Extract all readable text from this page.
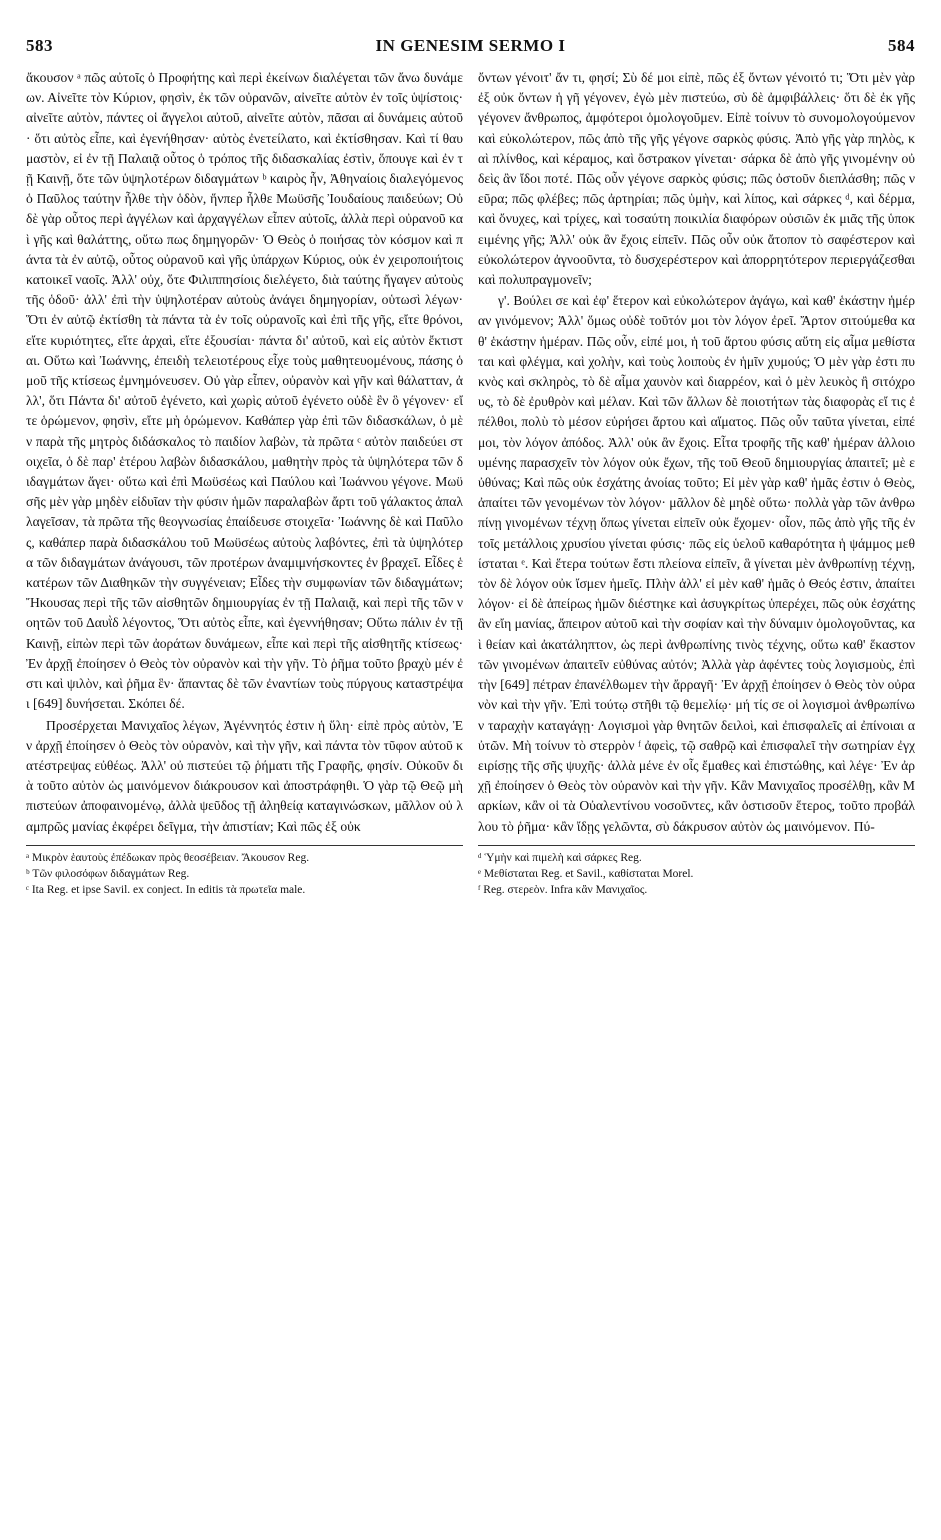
583	IN GENESIM SERMO I	584

ἄκουσον ᵃ πῶς αὐτοῖς ὁ Προφήτης καὶ περὶ ἐκείνων διαλέγεται τῶν ἄνω δυνάμεων. Αἰνεῖτε τὸν Κύριον, φησὶν, ἐκ τῶν οὐρανῶν, αἰνεῖτε αὐτὸν ἐν τοῖς ὑψίστοις· αἰνεῖτε αὐτὸν, πάντες οἱ ἄγγελοι αὐτοῦ, αἰνεῖτε αὐτὸν, πᾶσαι αἱ δυνάμεις αὐτοῦ· ὅτι αὐτὸς εἶπε, καὶ ἐγενήθησαν· αὐτὸς ἐνετείλατο, καὶ ἐκτίσθησαν. Καὶ τί θαυμαστὸν, εἰ ἐν τῇ Παλαιᾷ οὗτος ὁ τρόπος τῆς διδασκαλίας ἐστὶν, ὅπουγε καὶ ἐν τῇ Καινῇ, ὅτε τῶν ὑψηλοτέρων διδαγμάτων ᵇ καιρὸς ἦν, Ἀθηναίοις διαλεγόμενος ὁ Παῦλος ταύτην ἦλθε τὴν ὁδὸν, ἥνπερ ἦλθε Μωϋσῆς Ἰουδαίους παιδεύων; Οὐδὲ γὰρ οὗτος περὶ ἀγγέλων καὶ ἀρχαγγέλων εἶπεν αὐτοῖς, ἀλλὰ περὶ οὐρανοῦ καὶ γῆς καὶ θαλάττης, οὕτω πως δημηγορῶν· Ὁ Θεὸς ὁ ποιήσας τὸν κόσμον καὶ πάντα τὰ ἐν αὐτῷ, οὗτος οὐρανοῦ καὶ γῆς ὑπάρχων Κύριος, οὐκ ἐν χειροποιήτοις κατοικεῖ ναοῖς. Ἀλλ' οὐχ, ὅτε Φιλιππησίοις διελέγετο, διὰ ταύτης ἤγαγεν αὐτοὺς τῆς ὁδοῦ· ἀλλ' ἐπὶ τὴν ὑψηλοτέραν αὐτοὺς ἀνάγει δημηγορίαν, οὑτωσὶ λέγων· Ὅτι ἐν αὐτῷ ἐκτίσθη τὰ πάντα τὰ ἐν τοῖς οὐρανοῖς καὶ ἐπὶ τῆς γῆς, εἴτε θρόνοι, εἴτε κυριότητες, εἴτε ἀρχαὶ, εἴτε ἐξουσίαι· πάντα δι' αὐτοῦ, καὶ εἰς αὐτὸν ἔκτισται. Οὕτω καὶ Ἰωάννης, ἐπειδὴ τελειοτέρους εἶχε τοὺς μαθητευομένους, πάσης ὁμοῦ τῆς κτίσεως ἐμνημόνευσεν. Οὐ γὰρ εἶπεν, οὐρανὸν καὶ γῆν καὶ θάλατταν, ἀλλ', ὅτι Πάντα δι' αὐτοῦ ἐγένετο, καὶ χωρὶς αὐτοῦ ἐγένετο οὐδὲ ἓν ὃ γέγονεν· εἴτε ὁρώμενον, φησὶν, εἴτε μὴ ὁρώμενον. Καθάπερ γὰρ ἐπὶ τῶν διδασκάλων, ὁ μὲν παρὰ τῆς μητρὸς διδάσκαλος τὸ παιδίον λαβὼν, τὰ πρῶτα ᶜ αὐτὸν παιδεύει στοιχεῖα, ὁ δὲ παρ' ἑτέρου λαβὼν διδασκάλου, μαθητὴν πρὸς τὰ ὑψηλότερα τῶν διδαγμάτων ἄγει· οὕτω καὶ ἐπὶ Μωϋσέως καὶ Παύλου καὶ Ἰωάννου γέγονε. Μωϋσῆς μὲν γὰρ μηδὲν εἰδυῖαν τὴν φύσιν ἡμῶν παραλαβὼν ἄρτι τοῦ γάλακτος ἀπαλλαγεῖσαν, τὰ πρῶτα τῆς θεογνωσίας ἐπαίδευσε στοιχεῖα· Ἰωάννης δὲ καὶ Παῦλος, καθάπερ παρὰ διδασκάλου τοῦ Μωϋσέως αὐτοὺς λαβόντες, ἐπὶ τὰ ὑψηλότερα τῶν διδαγμάτων ἀνάγουσι, τῶν προτέρων ἀναμιμνήσκοντες ἐν βραχεῖ. Εἶδες ἑκατέρων τῶν Διαθηκῶν τὴν συγγένειαν; Εἶδες τὴν συμφωνίαν τῶν διδαγμάτων; Ἤκουσας περὶ τῆς τῶν αἰσθητῶν δημιουργίας ἐν τῇ Παλαιᾷ, καὶ περὶ τῆς τῶν νοητῶν τοῦ Δαυῒδ λέγοντος, Ὅτι αὐτὸς εἶπε, καὶ ἐγεννήθησαν; Οὕτω πάλιν ἐν τῇ Καινῇ, εἰπὼν περὶ τῶν ἀοράτων δυνάμεων, εἶπε καὶ περὶ τῆς αἰσθητῆς κτίσεως· Ἐν ἀρχῇ ἐποίησεν ὁ Θεὸς τὸν οὐρανὸν καὶ τὴν γῆν. Τὸ ῥῆμα τοῦτο βραχὺ μέν ἐστι καὶ ψιλὸν, καὶ ῥῆμα ἓν· ἅπαντας δὲ τῶν ἐναντίων τοὺς πύργους καταστρέψαι [649] δυνήσεται. Σκόπει δέ.

Προσέρχεται Μανιχαῖος λέγων, Ἀγέννητός ἐστιν ἡ ὕλη· εἰπὲ πρὸς αὐτὸν, Ἐν ἀρχῇ ἐποίησεν ὁ Θεὸς τὸν οὐρανὸν, καὶ τὴν γῆν, καὶ πάντα τὸν τῦφον αὐτοῦ κατέστρεψας εὐθέως. Ἀλλ' οὐ πιστεύει τῷ ῥήματι τῆς Γραφῆς, φησίν. Οὐκοῦν διὰ τοῦτο αὐτὸν ὡς μαινόμενον διάκρουσον καὶ ἀποστράφηθι. Ὁ γὰρ τῷ Θεῷ μὴ πιστεύων ἀποφαινομένῳ, ἀλλὰ ψεῦδος τῇ ἀληθείᾳ καταγινώσκων, μᾶλλον οὐ λαμπρῶς μανίας ἐκφέρει δεῖγμα, τὴν ἀπιστίαν; Καὶ πῶς ἐξ οὐκ

ᵃ Μικρὸν ἑαυτοὺς ἐπέδωκαν πρὸς θεοσέβειαν. Ἄκουσον Reg.
ᵇ Τῶν φιλοσόφων διδαγμάτων Reg.
ᶜ Ita Reg. et ipse Savil. ex conject. In editis τὰ πρωτεῖα male.

ὄντων γένοιτ' ἄν τι, φησί; Σὺ δέ μοι εἰπὲ, πῶς ἐξ ὄντων γένοιτό τι; Ὅτι μὲν γὰρ ἐξ οὐκ ὄντων ἡ γῆ γέγονεν, ἐγὼ μὲν πιστεύω, σὺ δὲ ἀμφιβάλλεις· ὅτι δὲ ἐκ γῆς γέγονεν ἄνθρωπος, ἀμφότεροι ὁμολογοῦμεν. Εἰπὲ τοίνυν τὸ συνομολογούμενον καὶ εὐκολώτερον, πῶς ἀπὸ τῆς γῆς γέγονε σαρκὸς φύσις. Ἀπὸ γῆς γὰρ πηλὸς, καὶ πλίνθος, καὶ κέραμος, καὶ ὄστρακον γίνεται· σάρκα δὲ ἀπὸ γῆς γινομένην οὐδεὶς ἂν ἴδοι ποτέ. Πῶς οὖν γέγονε σαρκὸς φύσις; πῶς ὀστοῦν διεπλάσθη; πῶς νεῦρα; πῶς φλέβες; πῶς ἀρτηρίαι; πῶς ὑμὴν, καὶ λίπος, καὶ σάρκες ᵈ, καὶ δέρμα, καὶ ὄνυχες, καὶ τρίχες, καὶ τοσαύτη ποικιλία διαφόρων οὐσιῶν ἐκ μιᾶς τῆς ὑποκειμένης γῆς; Ἀλλ' οὐκ ἂν ἔχοις εἰπεῖν. Πῶς οὖν οὐκ ἄτοπον τὸ σαφέστερον καὶ εὐκολώτερον ἀγνοοῦντα, τὸ δυσχερέστερον καὶ ἀπορρητότερον περιεργάζεσθαι καὶ πολυπραγμονεῖν;

γ'. Βούλει σε καὶ ἐφ' ἕτερον καὶ εὐκολώτερον ἀγάγω, καὶ καθ' ἑκάστην ἡμέραν γινόμενον; Ἀλλ' ὅμως οὐδὲ τοῦτόν μοι τὸν λόγον ἐρεῖ. Ἄρτον σιτούμεθα καθ' ἑκάστην ἡμέραν. Πῶς οὖν, εἰπέ μοι, ἡ τοῦ ἄρτου φύσις αὕτη εἰς αἷμα μεθίσταται καὶ φλέγμα, καὶ χολὴν, καὶ τοὺς λοιποὺς ἐν ἡμῖν χυμούς; Ὁ μὲν γὰρ ἐστι πυκνὸς καὶ σκληρὸς, τὸ δὲ αἷμα χαυνὸν καὶ διαρρέον, καὶ ὁ μὲν λευκὸς ἢ σιτόχρους, τὸ δὲ ἐρυθρὸν καὶ μέλαν. Καὶ τῶν ἄλλων δὲ ποιοτήτων τὰς διαφορὰς εἴ τις ἐπέλθοι, πολὺ τὸ μέσον εὑρήσει ἄρτου καὶ αἵματος. Πῶς οὖν ταῦτα γίνεται, εἰπέ μοι, τὸν λόγον ἀπόδος. Ἀλλ' οὐκ ἂν ἔχοις. Εἶτα τροφῆς τῆς καθ' ἡμέραν ἀλλοιουμένης παρασχεῖν τὸν λόγον οὐκ ἔχων, τῆς τοῦ Θεοῦ δημιουργίας ἀπαιτεῖ; μὲ εὐθύνας; Καὶ πῶς οὐκ ἐσχάτης ἀνοίας τοῦτο; Εἰ μὲν γὰρ καθ' ἡμᾶς ἐστιν ὁ Θεὸς, ἀπαίτει τῶν γενομένων τὸν λόγον· μᾶλλον δὲ μηδὲ οὕτω· πολλὰ γὰρ τῶν ἀνθρωπίνῃ γινομένων τέχνῃ ὅπως γίνεται εἰπεῖν οὐκ ἔχομεν· οἷον, πῶς ἀπὸ γῆς τῆς ἐν τοῖς μετάλλοις χρυσίου γίνεται φύσις· πῶς εἰς ὑελοῦ καθαρότητα ἡ ψάμμος μεθίσταται ᵉ. Καὶ ἕτερα τούτων ἔστι πλείονα εἰπεῖν, ἃ γίνεται μὲν ἀνθρωπίνῃ τέχνῃ, τὸν δὲ λόγον οὐκ ἴσμεν ἡμεῖς. Πλὴν ἀλλ' εἰ μὲν καθ' ἡμᾶς ὁ Θεός ἐστιν, ἀπαίτει λόγον· εἰ δὲ ἀπείρως ἡμῶν διέστηκε καὶ ἀσυγκρίτως ὑπερέχει, πῶς οὐκ ἐσχάτης ἂν εἴη μανίας, ἄπειρον αὐτοῦ καὶ τὴν σοφίαν καὶ τὴν δύναμιν ὁμολογοῦντας, καὶ θείαν καὶ ἀκατάληπτον, ὡς περὶ ἀνθρωπίνης τινὸς τέχνης, οὕτω καθ' ἕκαστον τῶν γινομένων ἀπαιτεῖν εὐθύνας αὐτόν; Ἀλλὰ γὰρ ἀφέντες τοὺς λογισμοὺς, ἐπὶ τὴν [649] πέτραν ἐπανέλθωμεν τὴν ἄρραγῆ· Ἐν ἀρχῇ ἐποίησεν ὁ Θεὸς τὸν οὐρανὸν καὶ τὴν γῆν. Ἐπὶ τούτῳ στῆθι τῷ θεμελίῳ· μή τίς σε οἱ λογισμοὶ ἀνθρωπίνων ταραχὴν καταγάγῃ· Λογισμοὶ γὰρ θνητῶν δειλοὶ, καὶ ἐπισφαλεῖς αἱ ἐπίνοιαι αὐτῶν. Μὴ τοίνυν τὸ στερρὸν ᶠ ἀφεὶς, τῷ σαθρῷ καὶ ἐπισφαλεῖ τὴν σωτηρίαν ἐγχειρίσῃς τῆς σῆς ψυχῆς· ἀλλὰ μένε ἐν οἷς ἔμαθες καὶ ἐπιστώθης, καὶ λέγε· Ἐν ἀρχῇ ἐποίησεν ὁ Θεὸς τὸν οὐρανὸν καὶ τὴν γῆν. Κἂν Μανιχαῖος προσέλθῃ, κἂν Μαρκίων, κἂν οἱ τὰ Οὐαλεντίνου νοσοῦντες, κἂν ὁστισοῦν ἕτερος, τοῦτο προβάλλου τὸ ῥῆμα· κἂν ἴδῃς γελῶντα, σὺ δάκρυσον αὐτὸν ὡς μαινόμενον. Πύ-

ᵈ Ὑμὴν καὶ πιμελὴ καὶ σάρκες Reg.
ᵉ Μεθίσταται Reg. et Savil., καθίσταται Morel.
ᶠ Reg. στερεὸν. Infra κἂν Μανιχαῖος.
